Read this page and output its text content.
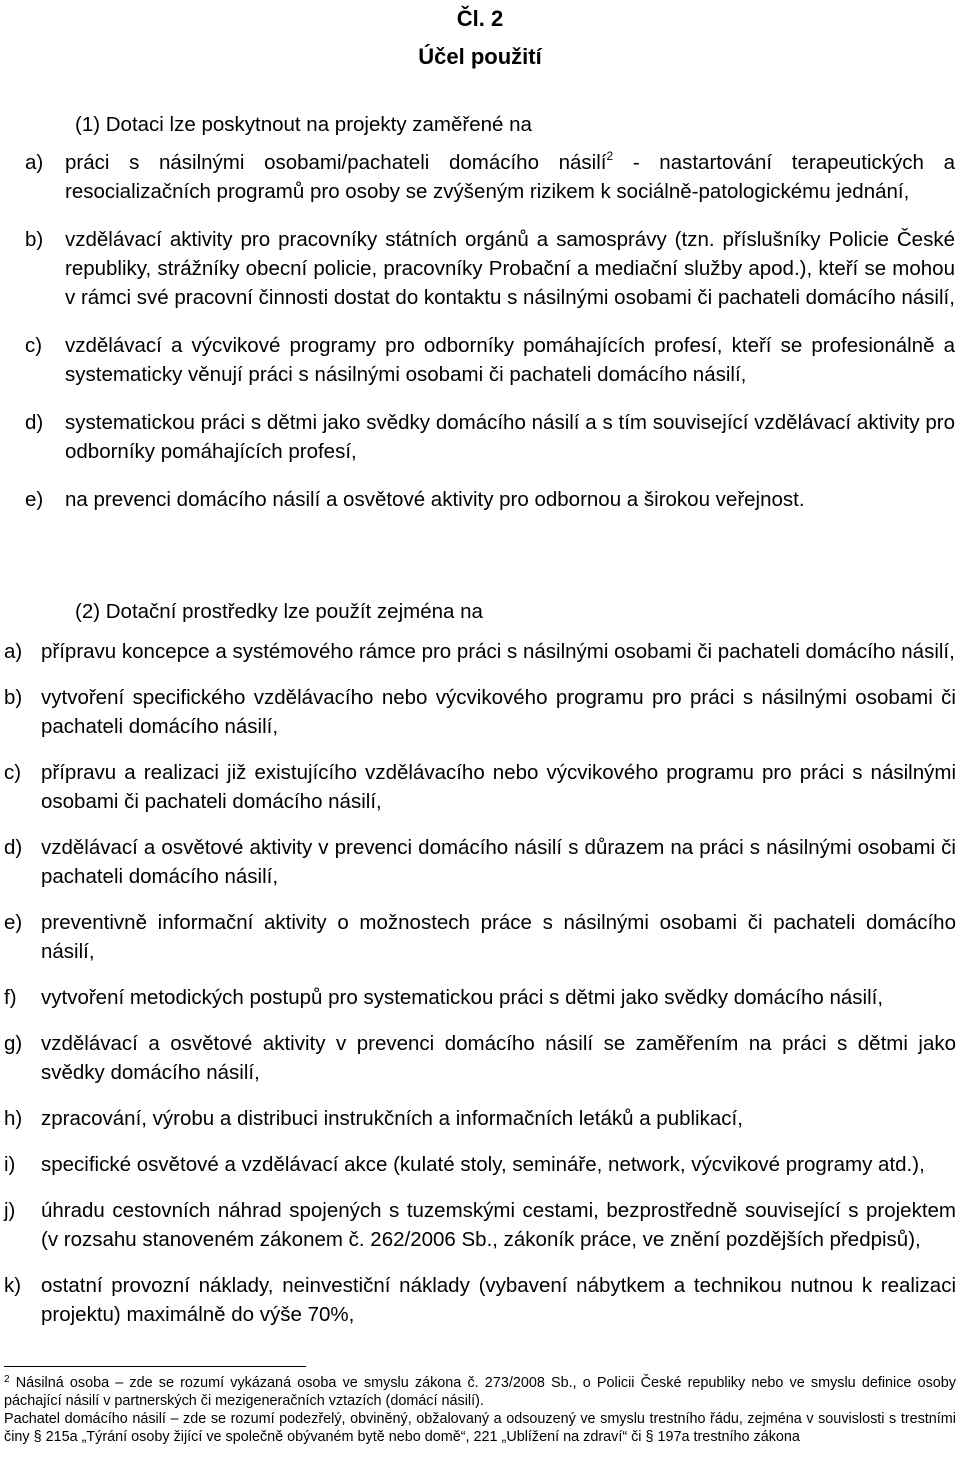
Čl. 2
Účel použití
(1) Dotaci lze poskytnout na projekty zaměřené na
a)	práci s násilnými osobami/pachateli domácího násilí$^2$ - nastartování terapeutických a resocializačních programů pro osoby se zvýšeným rizikem k sociálně-patologickému jednání,
b)	vzdělávací aktivity pro pracovníky státních orgánů a samosprávy (tzn. příslušníky Policie České republiky, strážníky obecní policie, pracovníky Probační a mediační služby apod.), kteří se mohou v rámci své pracovní činnosti dostat do kontaktu s násilnými osobami či pachateli domácího násilí,
c)	vzdělávací a výcvikové programy pro odborníky pomáhajících profesí, kteří se profesionálně a systematicky věnují práci s násilnými osobami či pachateli domácího násilí,
d)	systematickou práci s dětmi jako svědky domácího násilí a s tím související vzdělávací aktivity pro odborníky pomáhajících profesí,
e)	na prevenci domácího násilí a osvětové aktivity pro odbornou a širokou veřejnost.
(2) Dotační prostředky lze použít zejména na
a) přípravu koncepce a systémového rámce pro práci s násilnými osobami či pachateli domácího násilí,
b) vytvoření specifického vzdělávacího nebo výcvikového programu pro práci s násilnými osobami či pachateli domácího násilí,
c) přípravu a realizaci již existujícího vzdělávacího nebo výcvikového programu pro práci s násilnými osobami či pachateli domácího násilí,
d) vzdělávací a osvětové aktivity v prevenci domácího násilí s důrazem na práci s násilnými osobami či pachateli domácího násilí,
e) preventivně informační aktivity o možnostech práce s násilnými osobami či pachateli domácího násilí,
f)	vytvoření metodických postupů pro systematickou práci s dětmi jako svědky domácího násilí,
g) vzdělávací a osvětové aktivity v prevenci domácího násilí se zaměřením na práci s dětmi jako svědky domácího násilí,
h) zpracování, výrobu a distribuci instrukčních a informačních letáků a publikací,
i)	specifické osvětové a vzdělávací akce (kulaté stoly, semináře, network, výcvikové programy atd.),
j)	úhradu cestovních náhrad spojených s tuzemskými cestami, bezprostředně související s projektem (v rozsahu stanoveném zákonem č. 262/2006 Sb., zákoník práce, ve znění pozdějších předpisů),
k) ostatní provozní náklady, neinvestiční náklady (vybavení nábytkem a technikou nutnou k realizaci projektu) maximálně do výše 70%,

$^2$ Násilná osoba – zde se rozumí vykázaná osoba ve smyslu zákona č. 273/2008 Sb., o Policii České republiky nebo ve smyslu definice osoby páchající násilí v partnerských či mezigeneračních vztazích (domácí násilí).

Pachatel domácího násilí – zde se rozumí podezřelý, obviněný, obžalovaný a odsouzený ve smyslu trestního řádu, zejména v souvislosti s trestními činy § 215a „Týrání osoby žijící ve společně obývaném bytě nebo domě“, 221 „Ublížení na zdraví“ či § 197a trestního zákona
